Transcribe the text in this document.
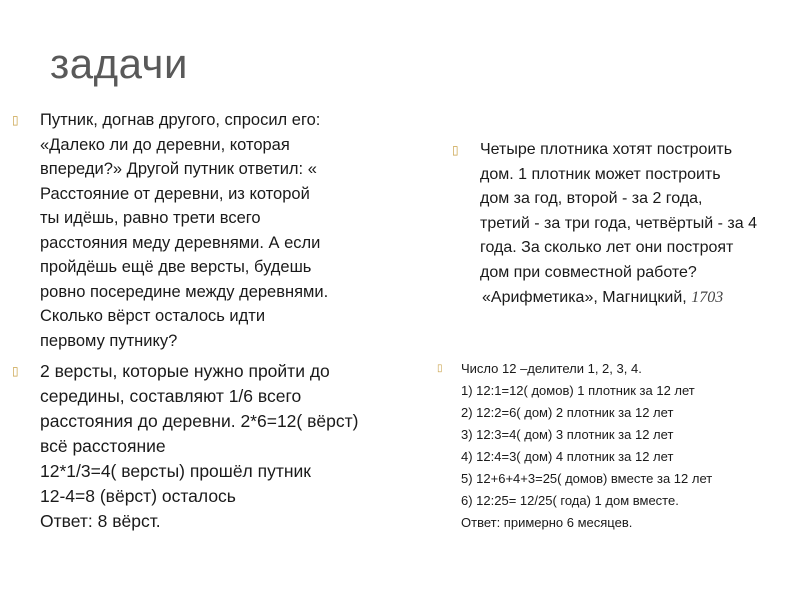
задачи
▯ Путник, догнав другого, спросил его:
«Далеко ли до деревни, которая
впереди?» Другой путник ответил: «
Расстояние от деревни, из которой
ты идёшь, равно трети всего
расстояния меду деревнями. А если
пройдёшь ещё две версты, будешь
ровно посередине между деревнями.
Сколько вёрст осталось идти
первому путнику?
▯ 2 версты, которые нужно пройти до
середины, составляют 1/6 всего
расстояния до деревни. 2*6=12( вёрст)
всё расстояние
12*1/3=4( версты) прошёл путник
12-4=8 (вёрст) осталось
Ответ: 8 вёрст.
▯ Четыре плотника хотят построить
дом. 1 плотник может построить
дом за год, второй - за 2 года,
третий - за три года, четвёртый - за 4
года. За сколько лет они построят
дом при совместной работе?
«Арифметика», Магницкий, 1703
▯ Число 12 –делители 1, 2, 3, 4.
1) 12:1=12( домов) 1 плотник за 12 лет
2) 12:2=6( дом) 2 плотник за 12 лет
3) 12:3=4( дом) 3 плотник за 12 лет
4) 12:4=3( дом) 4 плотник за 12 лет
5) 12+6+4+3=25( домов) вместе за 12 лет
6) 12:25= 12/25( года) 1 дом вместе.
Ответ: примерно 6 месяцев.
